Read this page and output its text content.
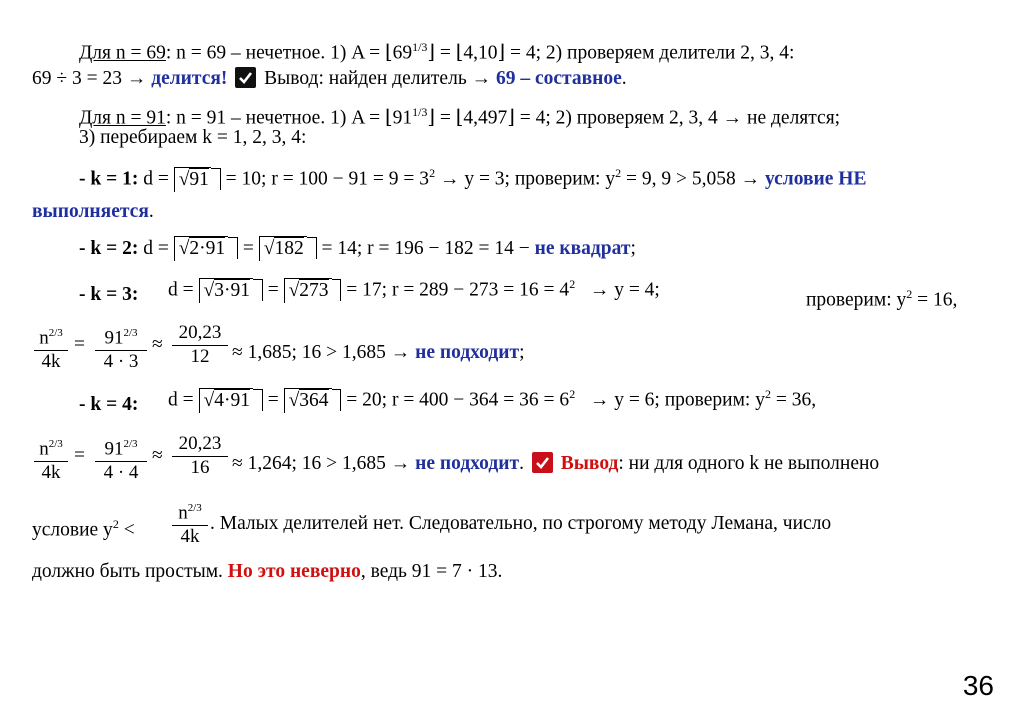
Для n = 69: n = 69 – нечетное. 1) $A = ⌊69^{1/3}⌋$ = ⌊4,10⌋ = 4; 2) проверяем делители 2, 3, 4:
69 ÷ 3 = 23 → делится!
Вывод: найден делитель → 69 – составное.
Для n = 91: n = 91 – нечетное. 1) $A = ⌊91^{1/3}⌋$ = ⌊4,497⌋ = 4; 2) проверяем 2, 3, 4 → не делятся;
3) перебираем k = 1, 2, 3, 4:
- k = 1: d = √91  = 10; $r = 100 - 91 = 9 = 3^2 \to y = 3$; проверим: $y^2 = 9$, 9 > 5,058 → условие НЕ
выполняется.
- k = 2: d = √2·91  = √182  = 14; r = 196 − 182 = 14 − не квадрат;
- k = 3: d = √3·91  = √273 = 17; $r = 289 - 273 = 16 = 4^2 \to y = 4$;	проверим: $y^2 = 16$,
$\frac{n^{2/3}}{4k} = \frac{91^{2/3}}{4 \cdot 3} \approx \frac{20,23}{12} \approx 1,685$; 16 > 1,685 → не подходит;
- k = 4: d = √4·91  = √364 = 20; $r = 400 - 364 = 36 = 6^2 \to y = 6$; проверим: $y^2 = 36$,
$\frac{n^{2/3}}{4k} = \frac{91^{2/3}}{4 \cdot 4} \approx \frac{20,23}{16} \approx 1,264$; 16 > 1,685 → не подходит.
Вывод: ни для одного k не выполнено
условие $y^2 < \frac{n^{2/3}}{4k}$ . Малых делителей нет. Следовательно, по строгому методу Лемана, число
должно быть простым. Но это неверно, ведь 91 = 7 · 13.
36
